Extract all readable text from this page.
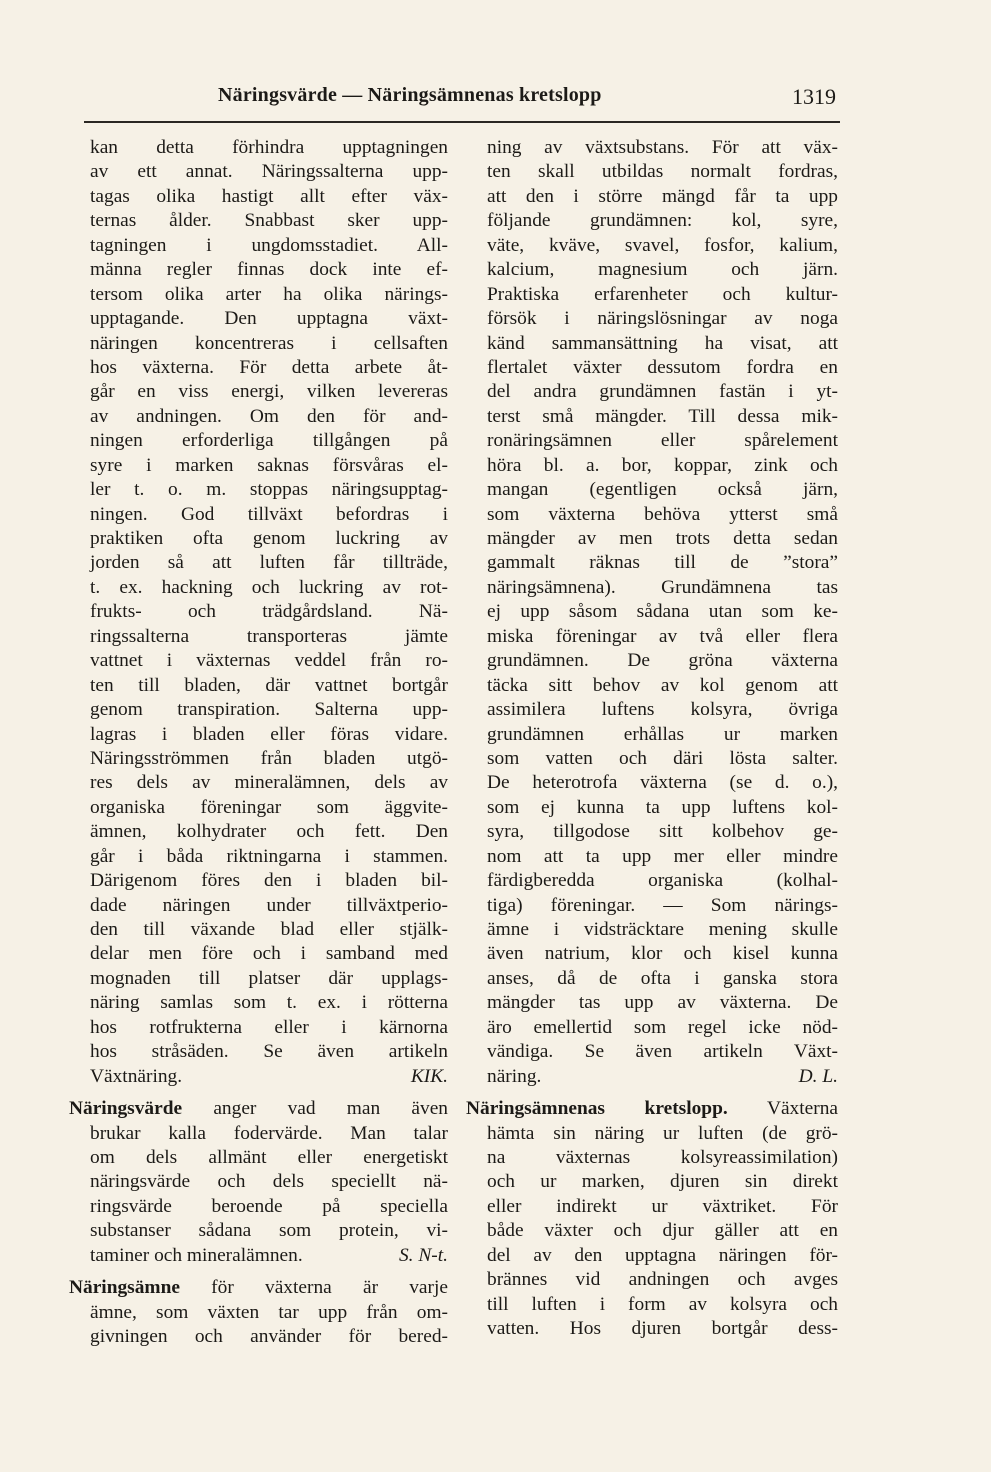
Näringsvärde — Näringsämnenas kretslopp	1319
kan detta förhindra upptagningen
av ett annat. Näringssalterna upp-
tagas olika hastigt allt efter väx-
ternas ålder. Snabbast sker upp-
tagningen i ungdomsstadiet. All-
männa regler finnas dock inte ef-
tersom olika arter ha olika närings-
upptagande. Den upptagna växt-
näringen koncentreras i cellsaften
hos växterna. För detta arbete åt-
går en viss energi, vilken levereras
av andningen. Om den för and-
ningen erforderliga tillgången på
syre i marken saknas försvåras el-
ler t. o. m. stoppas näringsupptag-
ningen. God tillväxt befordras i
praktiken ofta genom luckring av
jorden så att luften får tillträde,
t. ex. hackning och luckring av rot-
frukts- och trädgårdsland. Nä-
ringssalterna transporteras jämte
vattnet i växternas veddel från ro-
ten till bladen, där vattnet bortgår
genom transpiration. Salterna upp-
lagras i bladen eller föras vidare.
Näringsströmmen från bladen utgö-
res dels av mineralämnen, dels av
organiska föreningar som äggvite-
ämnen, kolhydrater och fett. Den
går i båda riktningarna i stammen.
Därigenom föres den i bladen bil-
dade näringen under tillväxtperio-
den till växande blad eller stjälk-
delar men före och i samband med
mognaden till platser där upplags-
näring samlas som t. ex. i rötterna
hos rotfrukterna eller i kärnorna
hos stråsäden. Se även artikeln
Växtnäring.	KIK.
Näringsvärde anger vad man även
brukar kalla fodervärde. Man talar
om dels allmänt eller energetiskt
näringsvärde och dels speciellt nä-
ringsvärde beroende på speciella
substanser sådana som protein, vi-
taminer och mineralämnen.	S. N-t.
Näringsämne för växterna är varje
ämne, som växten tar upp från om-
givningen och använder för bered-
ning av växtsubstans. För att väx-
ten skall utbildas normalt fordras,
att den i större mängd får ta upp
följande grundämnen: kol, syre,
väte, kväve, svavel, fosfor, kalium,
kalcium, magnesium och järn.
Praktiska erfarenheter och kultur-
försök i näringslösningar av noga
känd sammansättning ha visat, att
flertalet växter dessutom fordra en
del andra grundämnen fastän i yt-
terst små mängder. Till dessa mik-
ronäringsämnen eller spårelement
höra bl. a. bor, koppar, zink och
mangan (egentligen också järn,
som växterna behöva ytterst små
mängder av men trots detta sedan
gammalt räknas till de ”stora”
näringsämnena). Grundämnena tas
ej upp såsom sådana utan som ke-
miska föreningar av två eller flera
grundämnen. De gröna växterna
täcka sitt behov av kol genom att
assimilera luftens kolsyra, övriga
grundämnen erhållas ur marken
som vatten och däri lösta salter.
De heterotrofa växterna (se d. o.),
som ej kunna ta upp luftens kol-
syra, tillgodose sitt kolbehov ge-
nom att ta upp mer eller mindre
färdigberedda organiska (kolhal-
tiga) föreningar. — Som närings-
ämne i vidsträcktare mening skulle
även natrium, klor och kisel kunna
anses, då de ofta i ganska stora
mängder tas upp av växterna. De
äro emellertid som regel icke nöd-
vändiga. Se även artikeln Växt-
näring.	D. L.
Näringsämnenas kretslopp. Växterna
hämta sin näring ur luften (de grö-
na växternas kolsyreassimilation)
och ur marken, djuren sin direkt
eller indirekt ur växtriket. För
både växter och djur gäller att en
del av den upptagna näringen för-
brännes vid andningen och avges
till luften i form av kolsyra och
vatten. Hos djuren bortgår dess-
